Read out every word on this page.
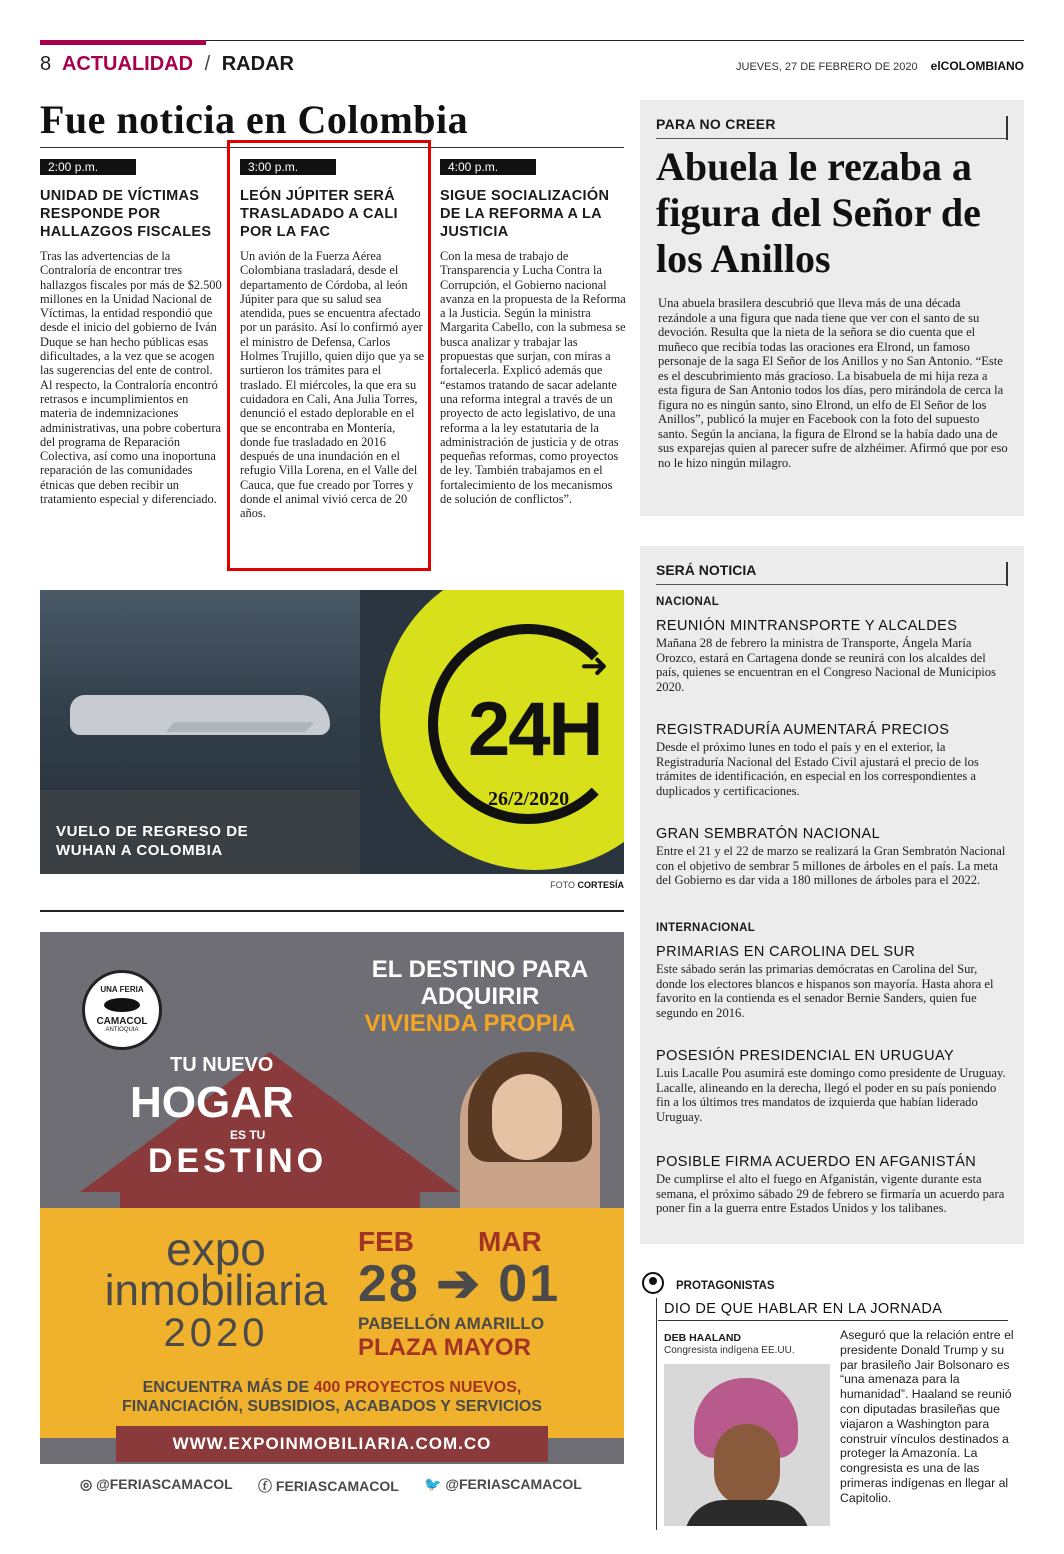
8 ACTUALIDAD / RADAR	JUEVES, 27 DE FEBRERO DE 2020 elCOLOMBIANO
Fue noticia en Colombia
2:00 p.m.
UNIDAD DE VÍCTIMAS RESPONDE POR HALLAZGOS FISCALES

Tras las advertencias de la Contraloría de encontrar tres hallazgos fiscales por más de $2.500 millones en la Unidad Nacional de Víctimas, la entidad respondió que desde el inicio del gobierno de Iván Duque se han hecho públicas esas dificultades, a la vez que se acogen las sugerencias del ente de control. Al respecto, la Contraloría encontró retrasos e incumplimientos en materia de indemnizaciones administrativas, una pobre cobertura del programa de Reparación Colectiva, así como una inoportuna reparación de las comunidades étnicas que deben recibir un tratamiento especial y diferenciado.

3:00 p.m.
LEÓN JÚPITER SERÁ TRASLADADO A CALI POR LA FAC

Un avión de la Fuerza Aérea Colombiana trasladará, desde el departamento de Córdoba, al león Júpiter para que su salud sea atendida, pues se encuentra afectado por un parásito. Así lo confirmó ayer el ministro de Defensa, Carlos Holmes Trujillo, quien dijo que ya se surtieron los trámites para el traslado. El miércoles, la que era su cuidadora en Cali, Ana Julia Torres, denunció el estado deplorable en el que se encontraba en Montería, donde fue trasladado en 2016 después de una inundación en el refugio Villa Lorena, en el Valle del Cauca, que fue creado por Torres y donde el animal vivió cerca de 20 años.

4:00 p.m.
SIGUE SOCIALIZACIÓN DE LA REFORMA A LA JUSTICIA

Con la mesa de trabajo de Transparencia y Lucha Contra la Corrupción, el Gobierno nacional avanza en la propuesta de la Reforma a la Justicia. Según la ministra Margarita Cabello, con la submesa se busca analizar y trabajar las propuestas que surjan, con miras a fortalecerla. Explicó además que “estamos tratando de sacar adelante una reforma integral a través de un proyecto de acto legislativo, de una reforma a la ley estatutaria de la administración de justicia y de otras pequeñas reformas, como proyectos de ley. También trabajamos en el fortalecimiento de los mecanismos de solución de conflictos”.

➜
24H
26/2/2020
VUELO DE REGRESO DE
WUHAN A COLOMBIA
FOTO CORTESÍA
UNA FERIA
CAMACOL
ANTIOQUIA
TU NUEVO
HOGAR
ES TU
DESTINO
EL DESTINO PARA ADQUIRIR
VIVIENDA PROPIA
expo
inmobiliaria
2020
FEB MAR
28 ➔ 01
PABELLÓN AMARILLO
PLAZA MAYOR
ENCUENTRA MÁS DE 400 PROYECTOS NUEVOS,
FINANCIACIÓN, SUBSIDIOS, ACABADOS Y SERVICIOS
WWW.EXPOINMOBILIARIA.COM.CO
◎ @FERIASCAMACOL ⓕ FERIASCAMACOL 🐦 @FERIASCAMACOL
PARA NO CREER
Abuela le rezaba a figura del Señor de los Anillos

Una abuela brasilera descubrió que lleva más de una década rezándole a una figura que nada tiene que ver con el santo de su devoción. Resulta que la nieta de la señora se dio cuenta que el muñeco que recibía todas las oraciones era Elrond, un famoso personaje de la saga El Señor de los Anillos y no San Antonio. “Este es el descubrimiento más gracioso. La bisabuela de mi hija reza a esta figura de San Antonio todos los días, pero mirándola de cerca la figura no es ningún santo, sino Elrond, un elfo de El Señor de los Anillos”, publicó la mujer en Facebook con la foto del supuesto santo. Según la anciana, la figura de Elrond se la había dado una de sus exparejas quien al parecer sufre de alzhéimer. Afirmó que por eso no le hizo ningún milagro.

SERÁ NOTICIA
NACIONAL
REUNIÓN MINTRANSPORTE Y ALCALDES

Mañana 28 de febrero la ministra de Transporte, Ángela María Orozco, estará en Cartagena donde se reunirá con los alcaldes del país, quienes se encuentran en el Congreso Nacional de Municipios 2020.

REGISTRADURÍA AUMENTARÁ PRECIOS

Desde el próximo lunes en todo el país y en el exterior, la Registraduría Nacional del Estado Civil ajustará el precio de los trámites de identificación, en especial en los correspondientes a duplicados y certificaciones.

GRAN SEMBRATÓN NACIONAL

Entre el 21 y el 22 de marzo se realizará la Gran Sembratón Nacional con el objetivo de sembrar 5 millones de árboles en el país. La meta del Gobierno es dar vida a 180 millones de árboles para el 2022.

INTERNACIONAL
PRIMARIAS EN CAROLINA DEL SUR

Este sábado serán las primarias demócratas en Carolina del Sur, donde los electores blancos e hispanos son mayoría. Hasta ahora el favorito en la contienda es el senador Bernie Sanders, quien fue segundo en 2016.

POSESIÓN PRESIDENCIAL EN URUGUAY

Luis Lacalle Pou asumirá este domingo como presidente de Uruguay. Lacalle, alineando en la derecha, llegó el poder en su país poniendo fin a los últimos tres mandatos de izquierda que habían liderado Uruguay.

POSIBLE FIRMA ACUERDO EN AFGANISTÁN

De cumplirse el alto el fuego en Afganistán, vigente durante esta semana, el próximo sábado 29 de febrero se firmaría un acuerdo para poner fin a la guerra entre Estados Unidos y los talibanes.

PROTAGONISTAS
DIO DE QUE HABLAR EN LA JORNADA
DEB HAALAND
Congresista indígena EE.UU.

Aseguró que la relación entre el presidente Donald Trump y su par brasileño Jair Bolsonaro es “una amenaza para la humanidad”. Haaland se reunió con diputadas brasileñas que viajaron a Washington para construir vínculos destinados a proteger la Amazonía. La congresista es una de las primeras indígenas en llegar al Capitolio.
